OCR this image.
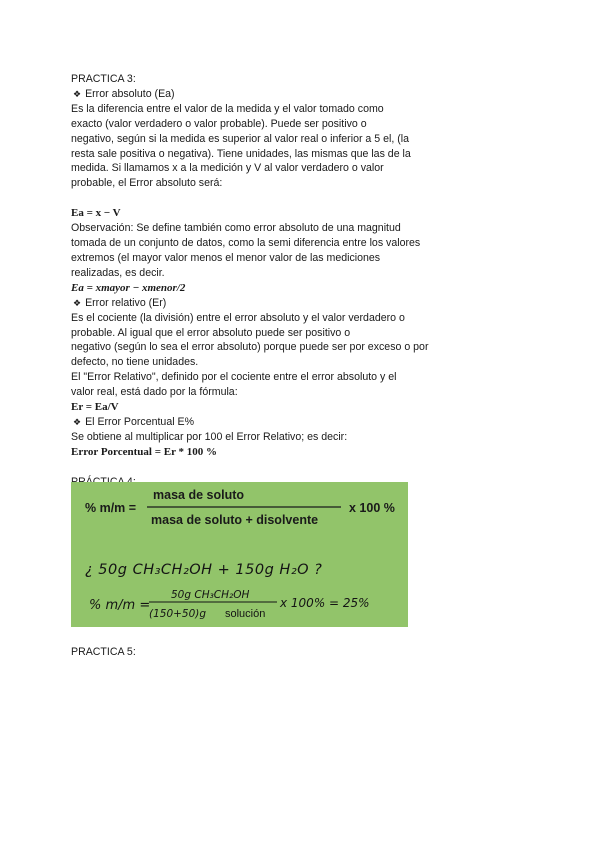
PRACTICA 3:
❖ Error absoluto (Ea)
Es la diferencia entre el valor de la medida y el valor tomado como
exacto (valor verdadero o valor probable). Puede ser positivo o
negativo, según si la medida es superior al valor real o inferior a 5 el, (la
resta sale positiva o negativa). Tiene unidades, las mismas que las de la
medida. Si llamamos x a la medición y V al valor verdadero o valor
probable, el Error absoluto será:
Ea = x − V
Observación: Se define también como error absoluto de una magnitud
tomada de un conjunto de datos, como la semi diferencia entre los valores
extremos (el mayor valor menos el menor valor de las mediciones
realizadas, es decir.
Ea = xmayor − xmenor/2
❖ Error relativo (Er)
Es el cociente (la división) entre el error absoluto y el valor verdadero o
probable. Al igual que el error absoluto puede ser positivo o
negativo (según lo sea el error absoluto) porque puede ser por exceso o por
defecto, no tiene unidades.
El "Error Relativo", definido por el cociente entre el error absoluto y el
valor real, está dado por la fórmula:
Er = Ea/V
❖ El Error Porcentual E%
Se obtiene al multiplicar por 100 el Error Relativo; es decir:
Error Porcentual = Er * 100 %
% m/m =
masa de soluto
masa de soluto + disolvente
x 100 %
¿ 50g CH₃CH₂OH + 150g H₂O ?
% m/m =
50g CH₃CH₂OH
(150+50)g solución
x 100% = 25%
PRACTICA 5:
